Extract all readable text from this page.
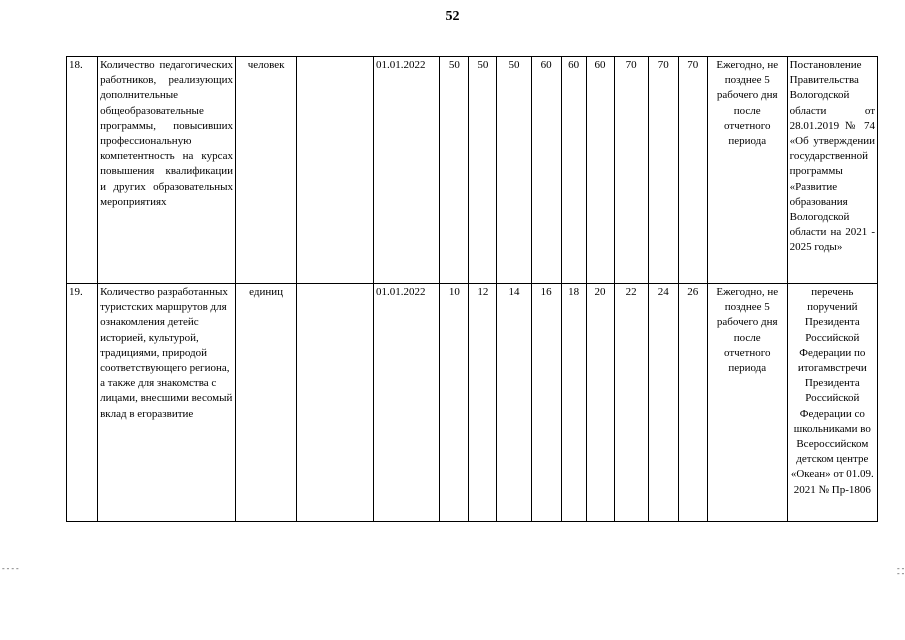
52
18.	Количество педагогических работников, реализующих дополнительные общеобразовательные программы, повысивших профессиональную компетентность на курсах повышения квалификации и других образовательных мероприятиях	человек		01.01.2022	50	50	50	60	60	60	70	70	70	Ежегодно, не позднее 5 рабочего дня после отчетного периода	Постановление Правительства Вологодской области от 28.01.2019 № 74 «Об утверждении государственной программы «Развитие образования Вологодской области на 2021 - 2025 годы»
19.	Количество разработанных туристских маршрутов для ознакомления детейс историей, культурой, традициями, природой соответствующего региона, а также для знакомства с лицами, внесшими весомый вклад в егоразвитие	единиц		01.01.2022	10	12	14	16	18	20	22	24	26	Ежегодно, не позднее 5 рабочего дня после отчетного периода	перечень поручений Президента Российской Федерации по итогамвстречи Президента Российской Федерации со школьниками во Всероссийском детском центре «Океан» от 01.09. 2021 № Пр-1806
- - - -	- - - -
